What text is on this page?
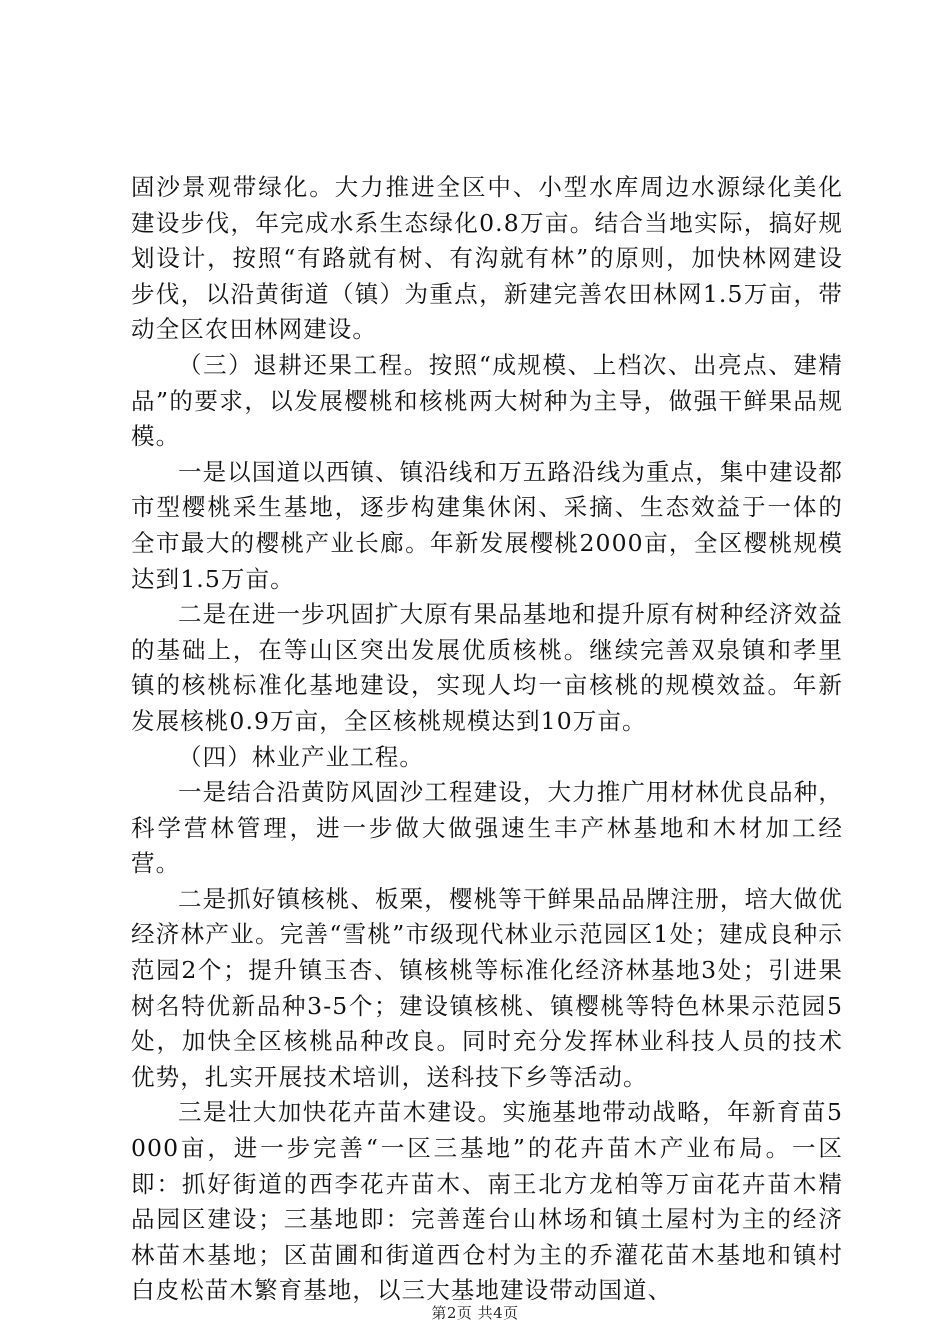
固沙景观带绿化。大力推进全区中、小型水库周边水源绿化美化建设步伐，年完成水系生态绿化0.8万亩。结合当地实际，搞好规划设计，按照“有路就有树、有沟就有林”的原则，加快林网建设步伐，以沿黄街道（镇）为重点，新建完善农田林网1.5万亩，带动全区农田林网建设。

（三）退耕还果工程。按照“成规模、上档次、出亮点、建精品”的要求，以发展樱桃和核桃两大树种为主导，做强干鲜果品规模。

一是以国道以西镇、镇沿线和万五路沿线为重点，集中建设都市型樱桃采生基地，逐步构建集休闲、采摘、生态效益于一体的全市最大的樱桃产业长廊。年新发展樱桃2000亩，全区樱桃规模达到1.5万亩。

二是在进一步巩固扩大原有果品基地和提升原有树种经济效益的基础上，在等山区突出发展优质核桃。继续完善双泉镇和孝里镇的核桃标准化基地建设，实现人均一亩核桃的规模效益。年新发展核桃0.9万亩，全区核桃规模达到10万亩。

（四）林业产业工程。

一是结合沿黄防风固沙工程建设，大力推广用材林优良品种，科学营林管理，进一步做大做强速生丰产林基地和木材加工经营。

二是抓好镇核桃、板栗，樱桃等干鲜果品品牌注册，培大做优经济林产业。完善“雪桃”市级现代林业示范园区1处；建成良种示范园2个；提升镇玉杏、镇核桃等标准化经济林基地3处；引进果树名特优新品种3-5个；建设镇核桃、镇樱桃等特色林果示范园5处，加快全区核桃品种改良。同时充分发挥林业科技人员的技术优势，扎实开展技术培训，送科技下乡等活动。

三是壮大加快花卉苗木建设。实施基地带动战略，年新育苗5000亩，进一步完善“一区三基地”的花卉苗木产业布局。一区即：抓好街道的西李花卉苗木、南王北方龙柏等万亩花卉苗木精品园区建设；三基地即：完善莲台山林场和镇土屋村为主的经济林苗木基地；区苗圃和街道西仓村为主的乔灌花苗木基地和镇村白皮松苗木繁育基地，以三大基地建设带动国道、

第2页 共4页
